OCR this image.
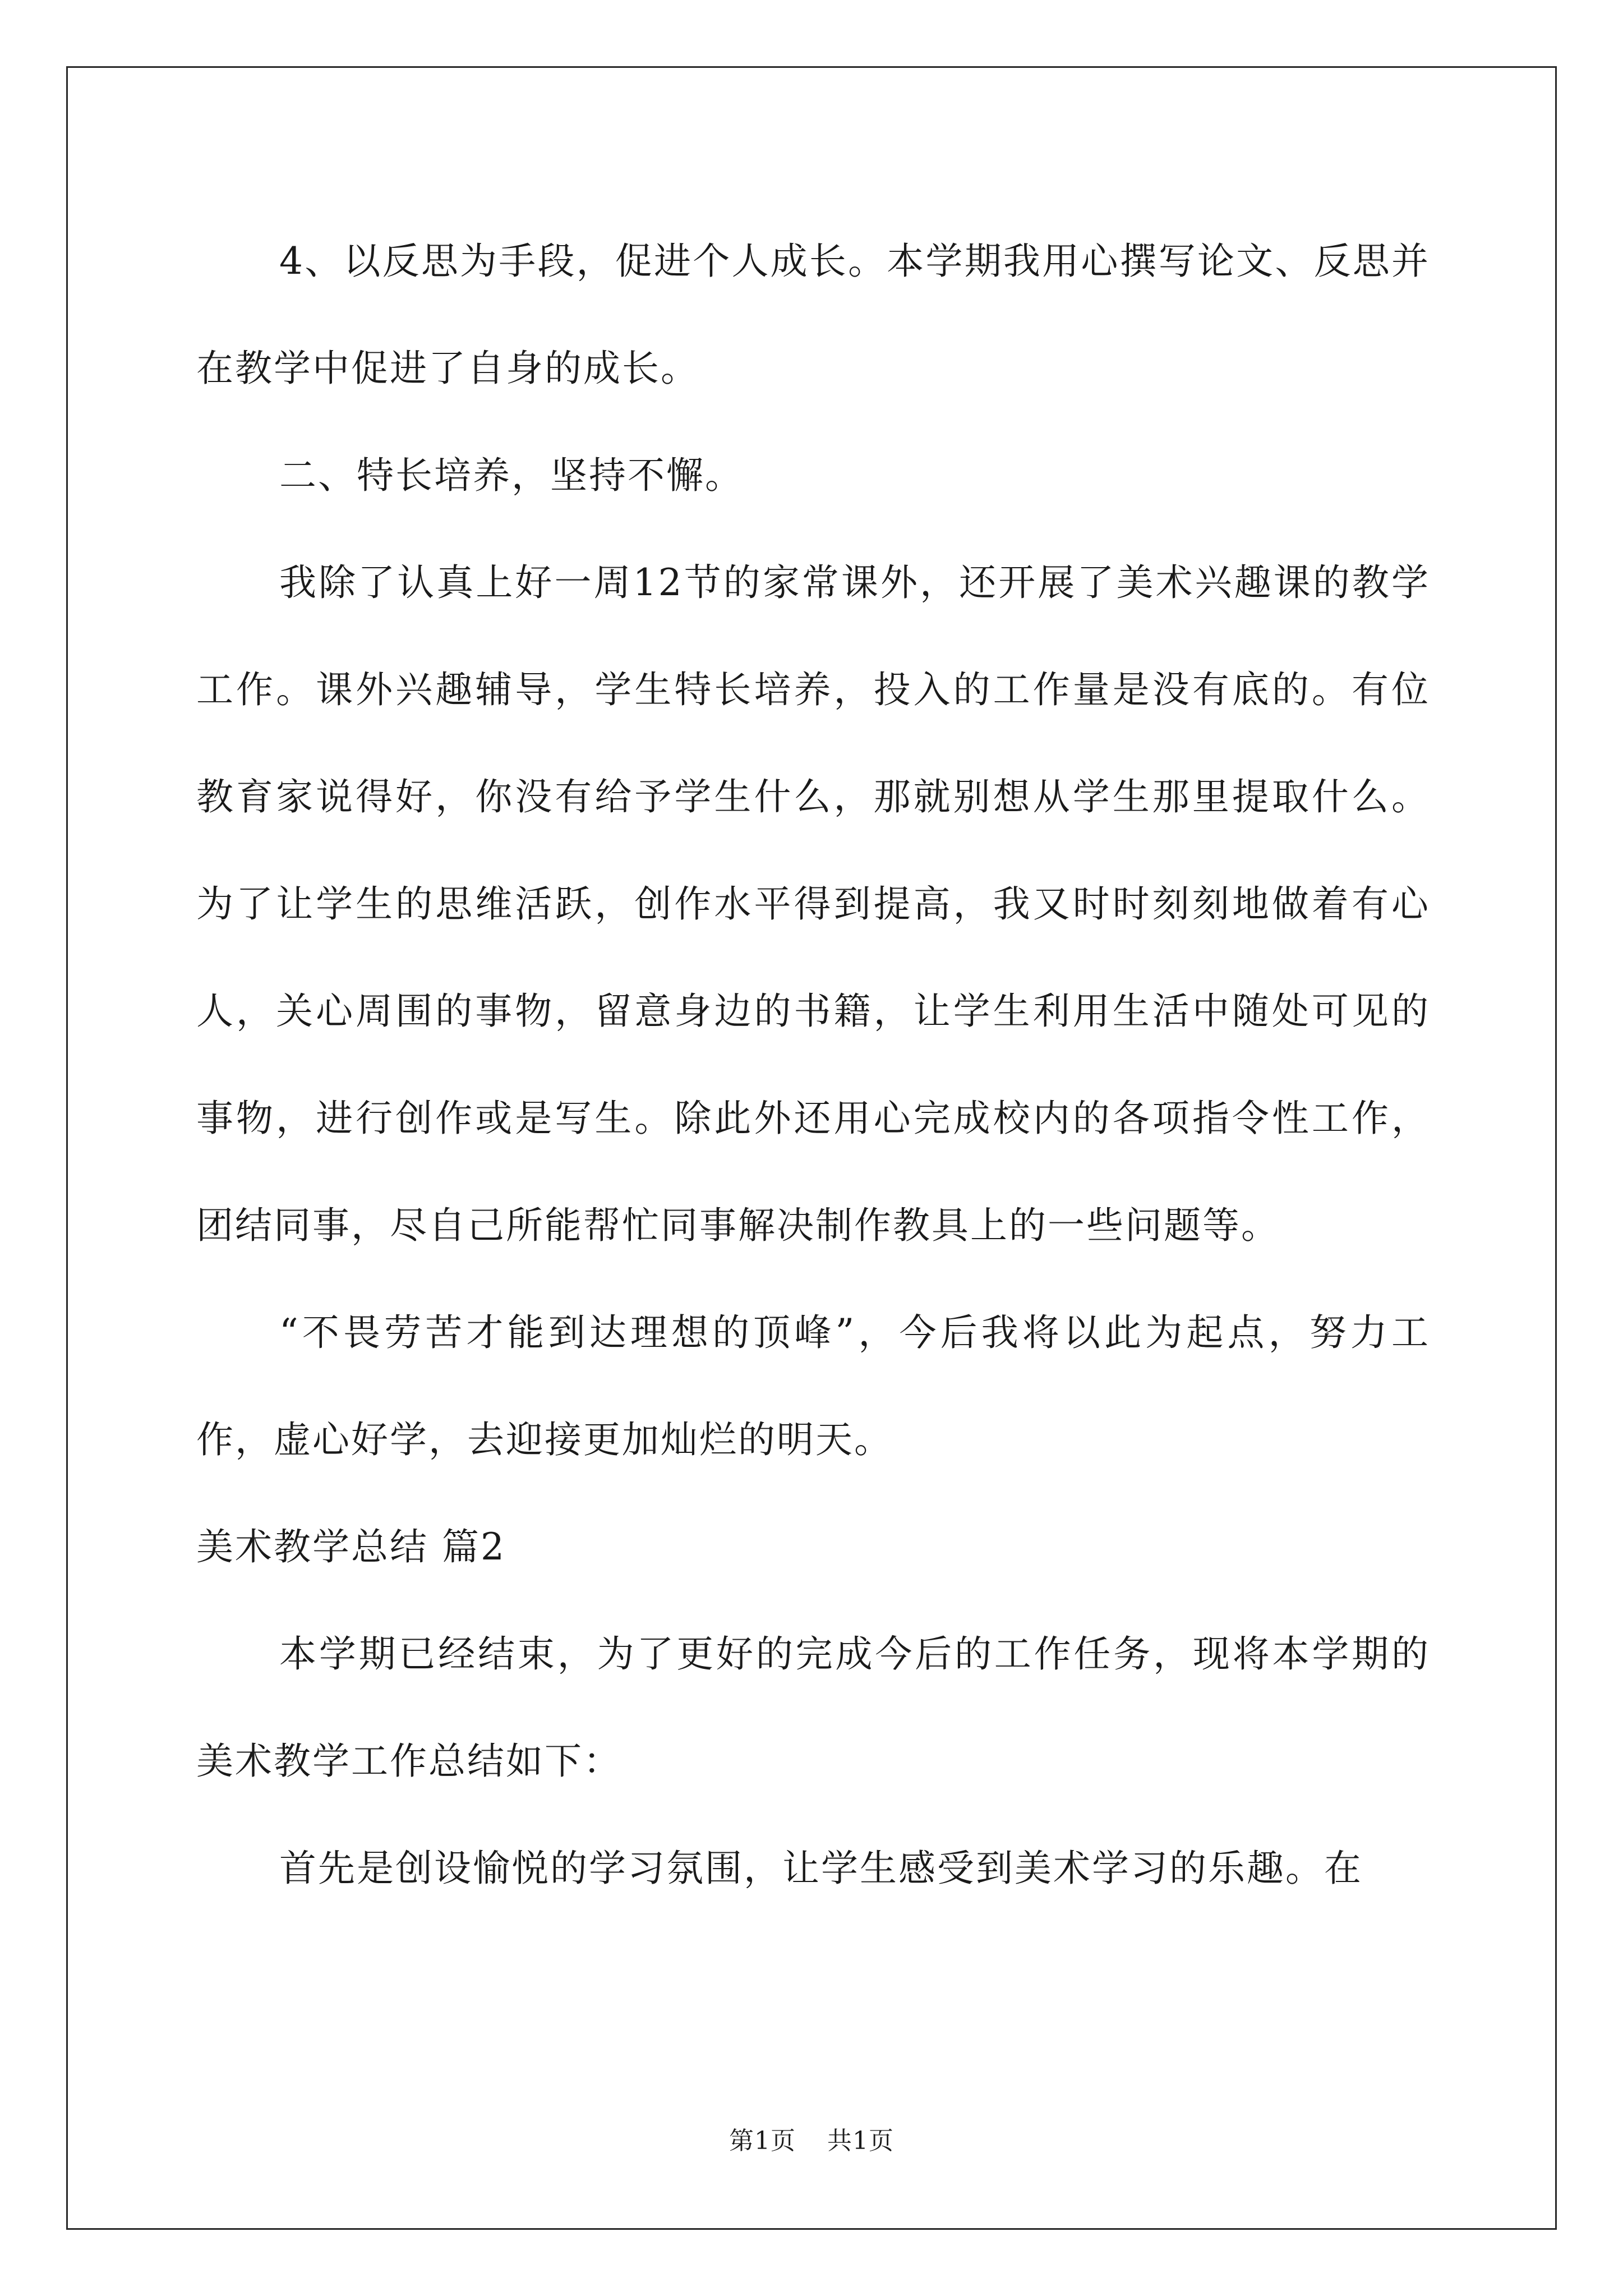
4、以反思为手段，促进个人成长。本学期我用心撰写论文、反思并在教学中促进了自身的成长。

二、特长培养，坚持不懈。

我除了认真上好一周12节的家常课外，还开展了美术兴趣课的教学工作。课外兴趣辅导，学生特长培养，投入的工作量是没有底的。有位教育家说得好，你没有给予学生什么，那就别想从学生那里提取什么。为了让学生的思维活跃，创作水平得到提高，我又时时刻刻地做着有心人，关心周围的事物，留意身边的书籍，让学生利用生活中随处可见的事物，进行创作或是写生。除此外还用心完成校内的各项指令性工作，团结同事，尽自己所能帮忙同事解决制作教具上的一些问题等。

“不畏劳苦才能到达理想的顶峰”，今后我将以此为起点，努力工作，虚心好学，去迎接更加灿烂的明天。

美术教学总结 篇2

本学期已经结束，为了更好的完成今后的工作任务，现将本学期的美术教学工作总结如下：

首先是创设愉悦的学习氛围，让学生感受到美术学习的乐趣。在

第1页 共1页
